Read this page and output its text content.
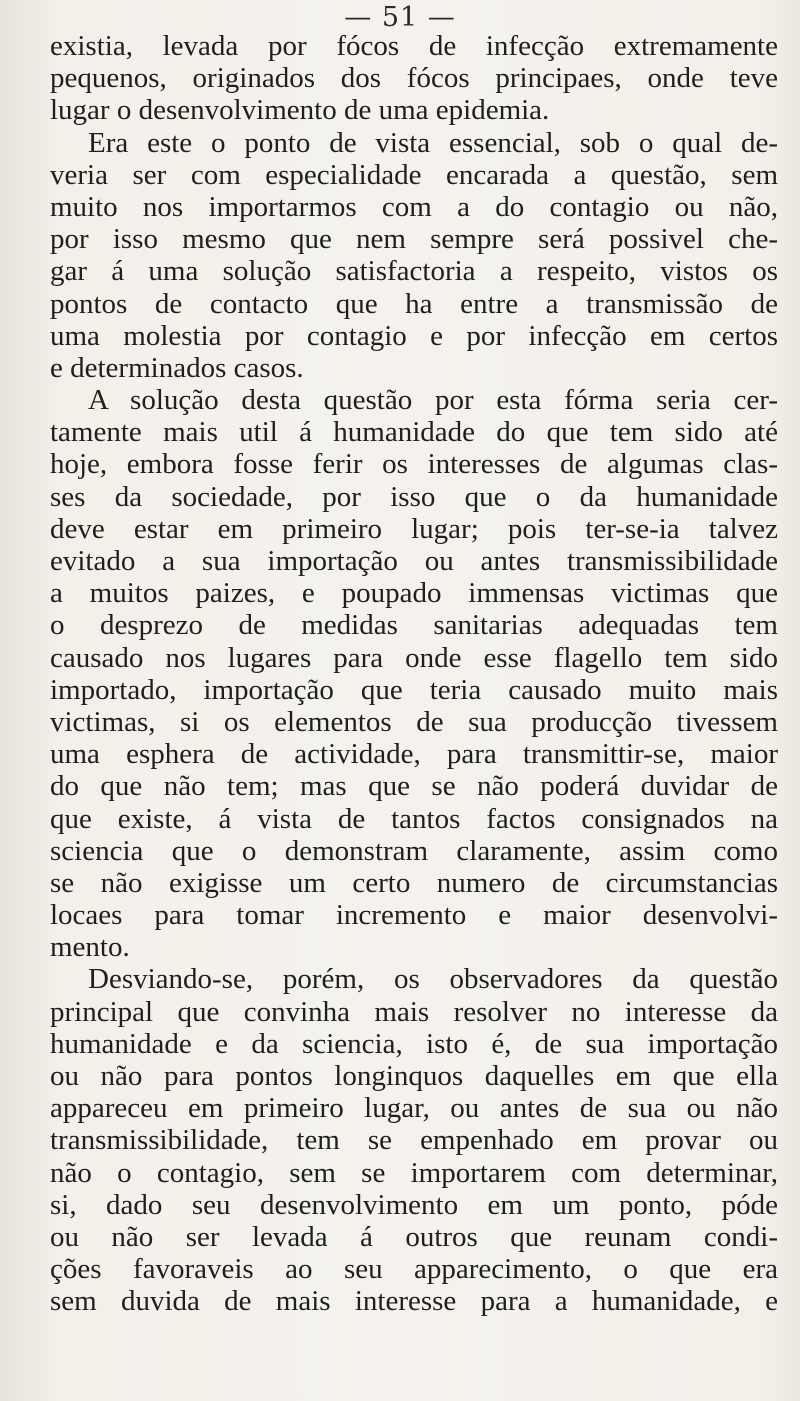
— 51 —
existia, levada por fócos de infecção extremamente
pequenos, originados dos fócos principaes, onde teve
lugar o desenvolvimento de uma epidemia.
Era este o ponto de vista essencial, sob o qual de-
veria ser com especialidade encarada a questão, sem
muito nos importarmos com a do contagio ou não,
por isso mesmo que nem sempre será possivel che-
gar á uma solução satisfactoria a respeito, vistos os
pontos de contacto que ha entre a transmissão de
uma molestia por contagio e por infecção em certos
e determinados casos.
A solução desta questão por esta fórma seria cer-
tamente mais util á humanidade do que tem sido até
hoje, embora fosse ferir os interesses de algumas clas-
ses da sociedade, por isso que o da humanidade
deve estar em primeiro lugar; pois ter-se-ia talvez
evitado a sua importação ou antes transmissibilidade
a muitos paizes, e poupado immensas victimas que
o desprezo de medidas sanitarias adequadas tem
causado nos lugares para onde esse flagello tem sido
importado, importação que teria causado muito mais
victimas, si os elementos de sua producção tivessem
uma esphera de actividade, para transmittir-se, maior
do que não tem; mas que se não poderá duvidar de
que existe, á vista de tantos factos consignados na
sciencia que o demonstram claramente, assim como
se não exigisse um certo numero de circumstancias
locaes para tomar incremento e maior desenvolvi-
mento.
Desviando-se, porém, os observadores da questão
principal que convinha mais resolver no interesse da
humanidade e da sciencia, isto é, de sua importação
ou não para pontos longinquos daquelles em que ella
appareceu em primeiro lugar, ou antes de sua ou não
transmissibilidade, tem se empenhado em provar ou
não o contagio, sem se importarem com determinar,
si, dado seu desenvolvimento em um ponto, póde
ou não ser levada á outros que reunam condi-
ções favoraveis ao seu apparecimento, o que era
sem duvida de mais interesse para a humanidade, e
